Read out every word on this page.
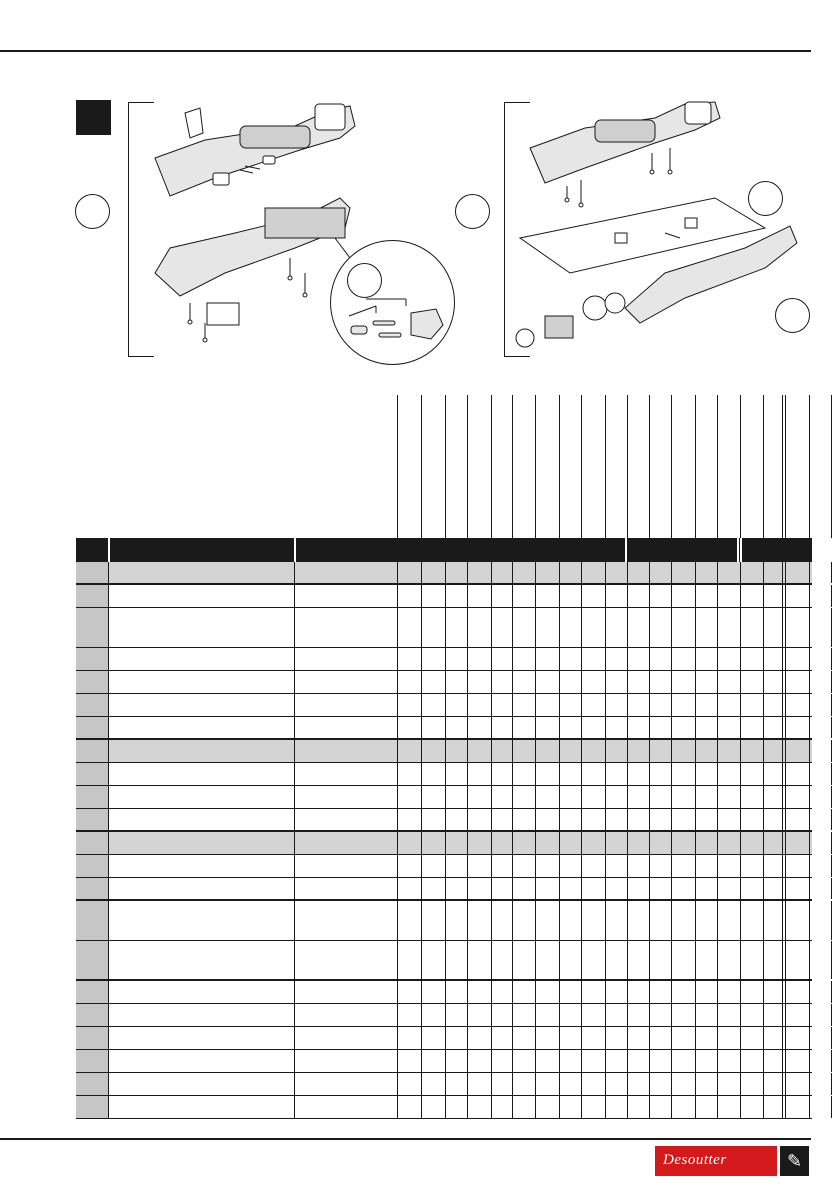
Desoutter	✎
